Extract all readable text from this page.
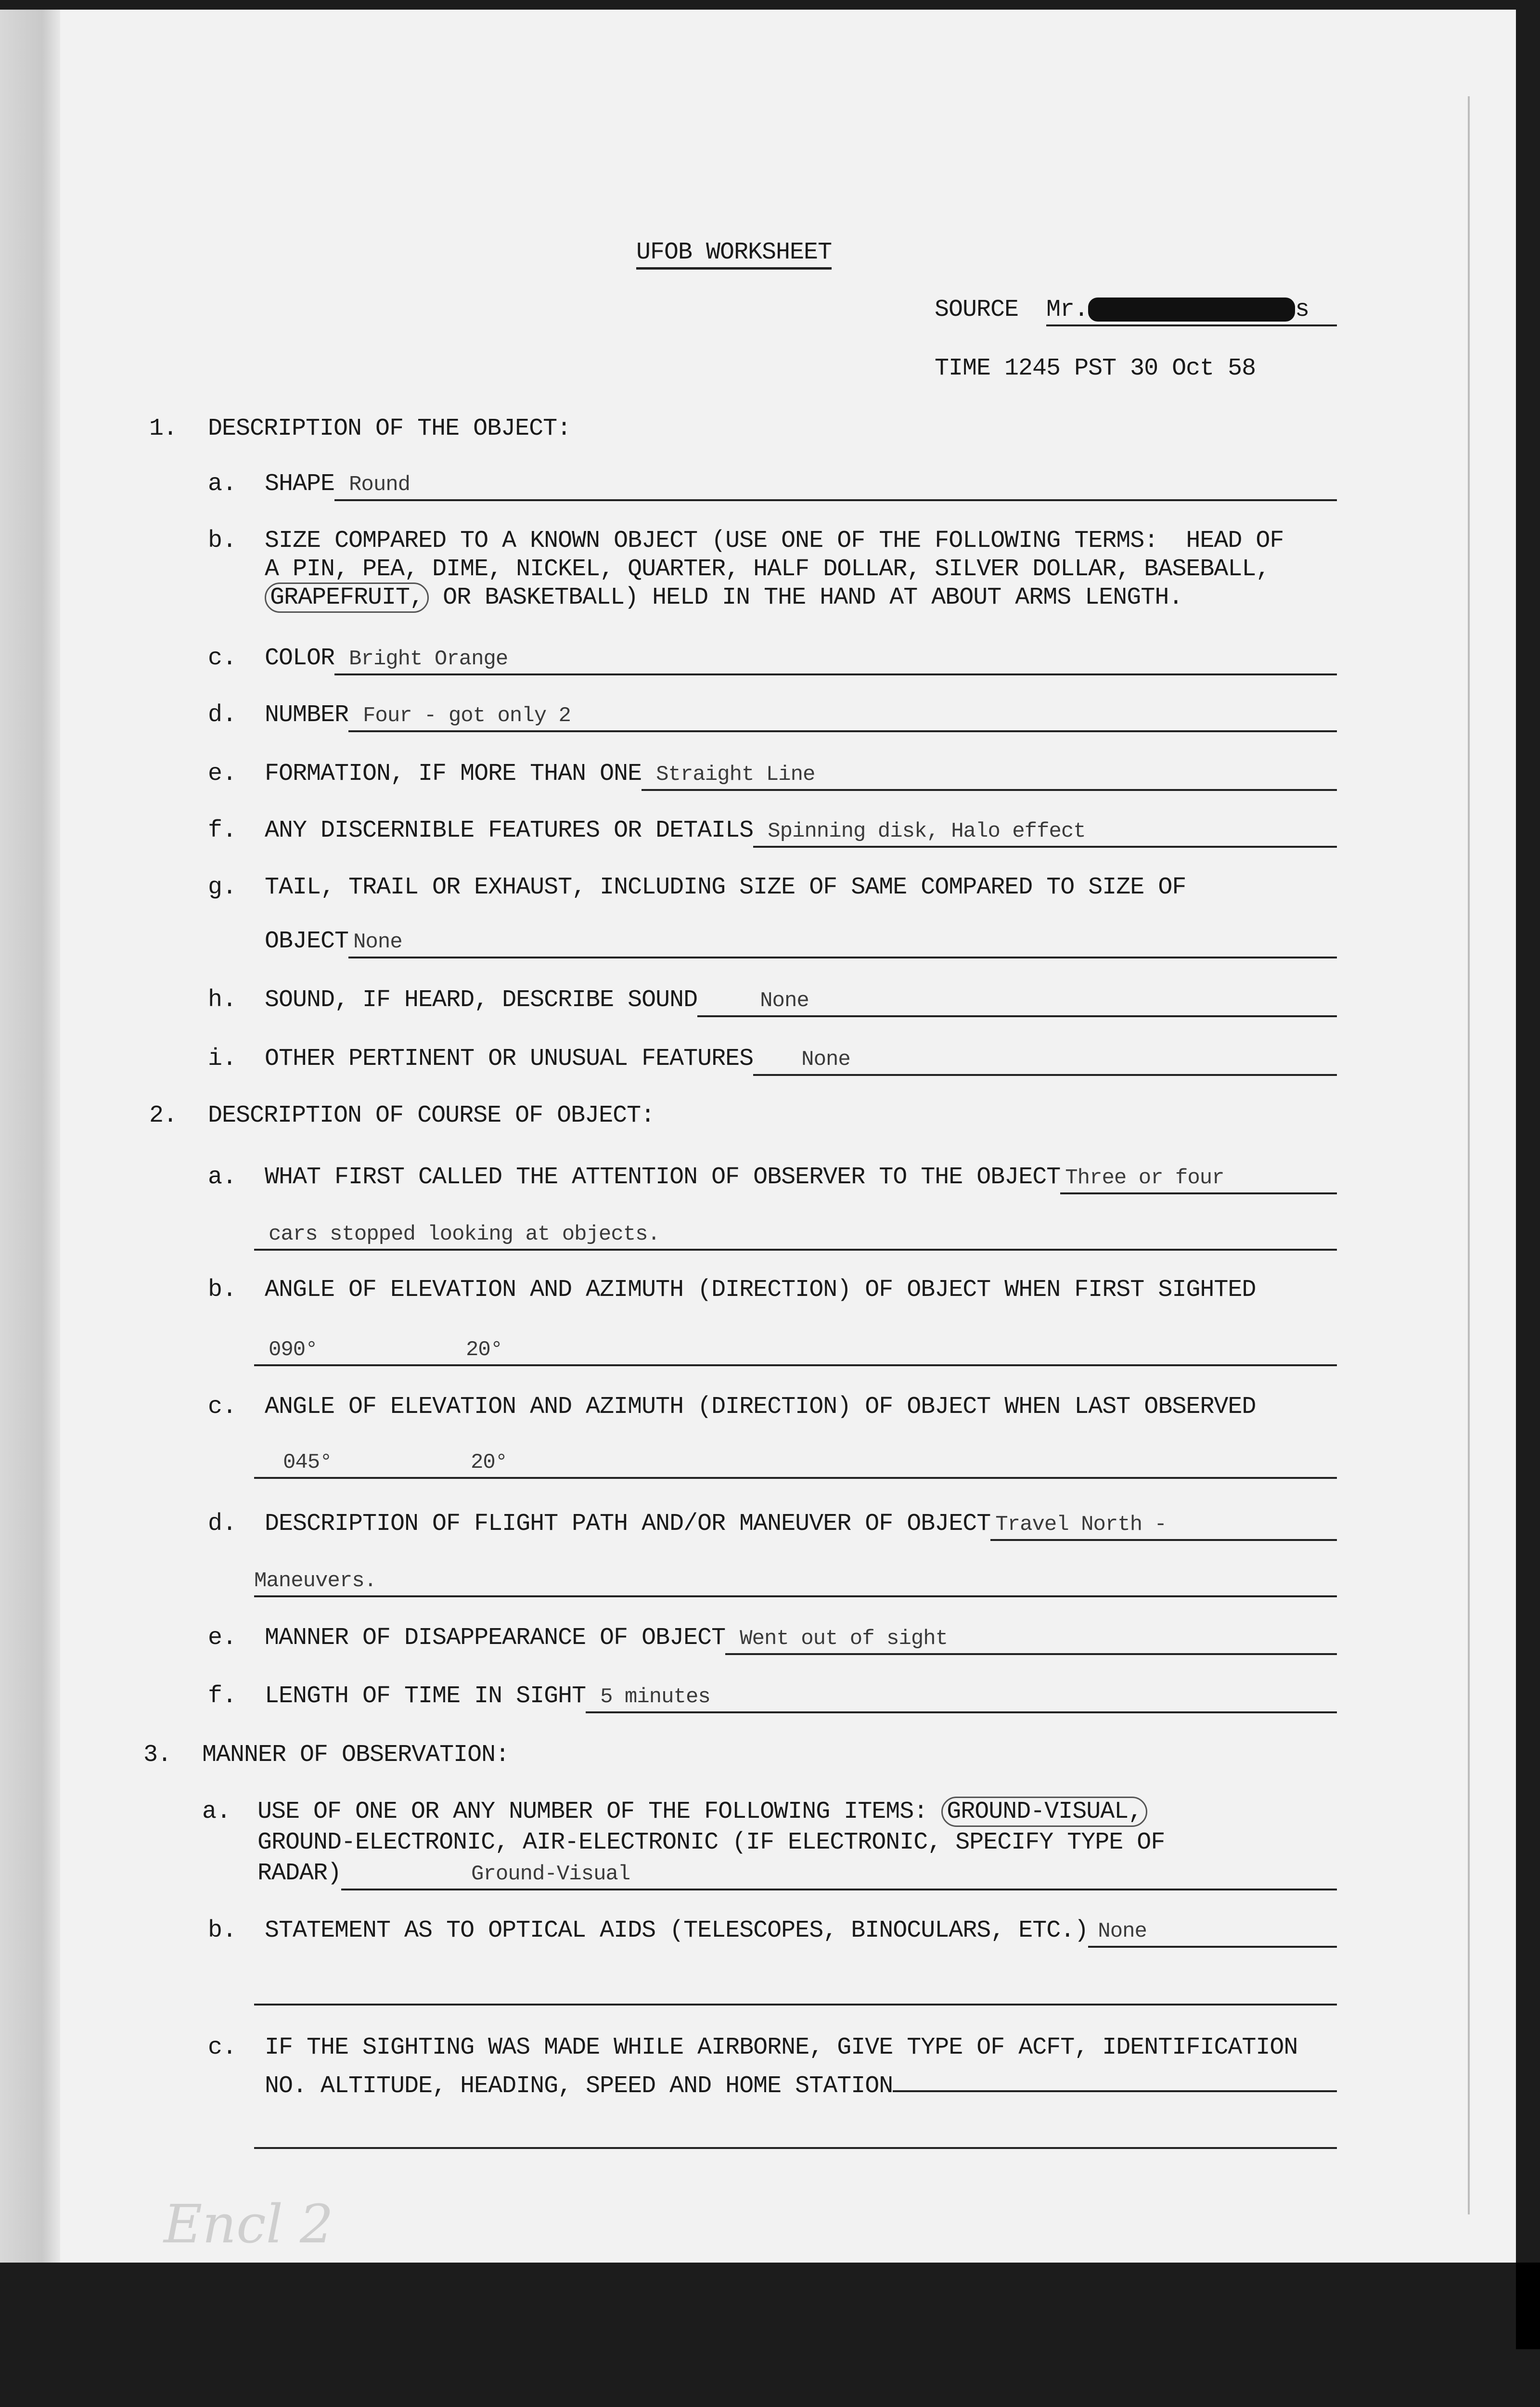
UFOB WORKSHEET
SOURCE
Mr.	s
TIME 1245 PST 30 Oct 58
1. DESCRIPTION OF THE OBJECT:
a. SHAPE Round
b. SIZE COMPARED TO A KNOWN OBJECT (USE ONE OF THE FOLLOWING TERMS:  HEAD OF
A PIN, PEA, DIME, NICKEL, QUARTER, HALF DOLLAR, SILVER DOLLAR, BASEBALL,
GRAPEFRUIT, OR BASKETBALL) HELD IN THE HAND AT ABOUT ARMS LENGTH.
c. COLOR Bright Orange
d. NUMBER Four - got only 2
e. FORMATION, IF MORE THAN ONE Straight Line
f. ANY DISCERNIBLE FEATURES OR DETAILS Spinning disk, Halo effect
g. TAIL, TRAIL OR EXHAUST, INCLUDING SIZE OF SAME COMPARED TO SIZE OF
OBJECT None
h. SOUND, IF HEARD, DESCRIBE SOUND	None
i. OTHER PERTINENT OR UNUSUAL FEATURES	None
2. DESCRIPTION OF COURSE OF OBJECT:
a. WHAT FIRST CALLED THE ATTENTION OF OBSERVER TO THE OBJECT Three or four
cars stopped looking at objects.
b. ANGLE OF ELEVATION AND AZIMUTH (DIRECTION) OF OBJECT WHEN FIRST SIGHTED
090°	20°
c. ANGLE OF ELEVATION AND AZIMUTH (DIRECTION) OF OBJECT WHEN LAST OBSERVED
045°	20°
d. DESCRIPTION OF FLIGHT PATH AND/OR MANEUVER OF OBJECT Travel North -
Maneuvers.
e. MANNER OF DISAPPEARANCE OF OBJECT Went out of sight
f. LENGTH OF TIME IN SIGHT 5 minutes
3. MANNER OF OBSERVATION:
a. USE OF ONE OR ANY NUMBER OF THE FOLLOWING ITEMS: GROUND-VISUAL,
GROUND-ELECTRONIC, AIR-ELECTRONIC (IF ELECTRONIC, SPECIFY TYPE OF
RADAR)	Ground-Visual
b. STATEMENT AS TO OPTICAL AIDS (TELESCOPES, BINOCULARS, ETC.) None
c. IF THE SIGHTING WAS MADE WHILE AIRBORNE, GIVE TYPE OF ACFT, IDENTIFICATION
NO. ALTITUDE, HEADING, SPEED AND HOME STATION
Encl 2
